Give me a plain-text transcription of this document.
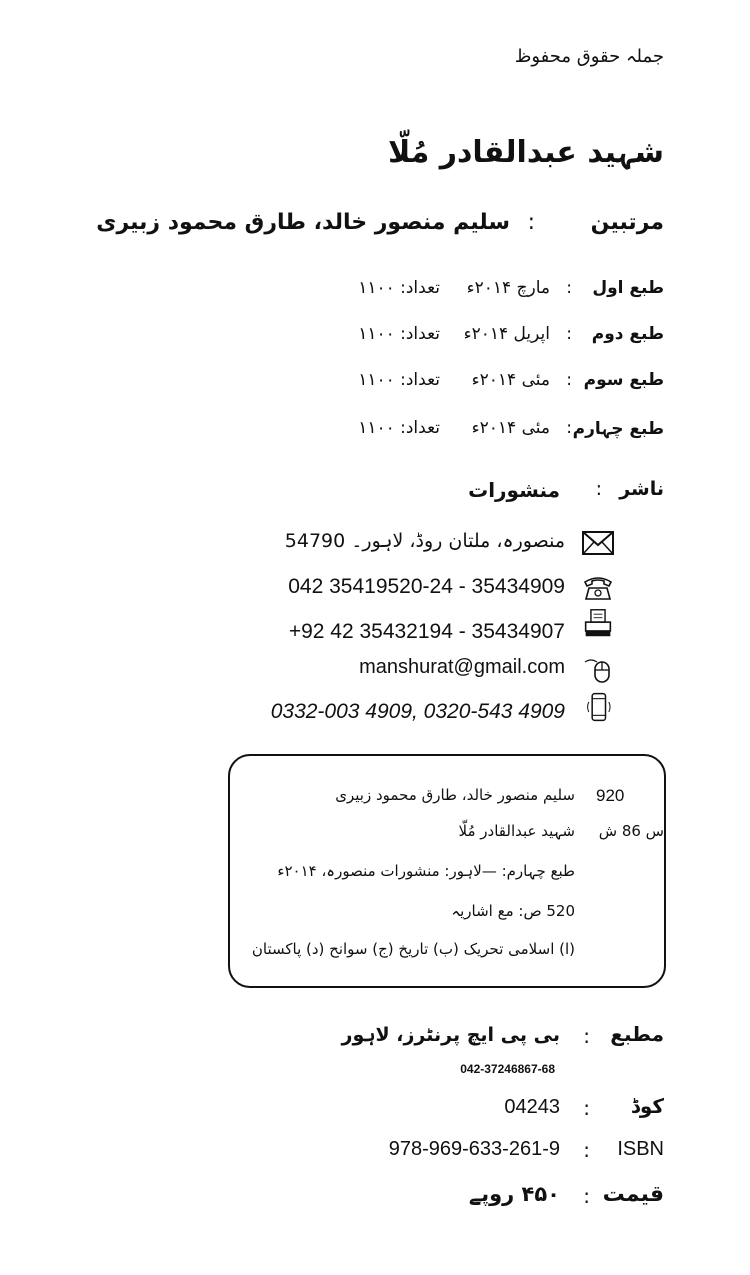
جملہ حقوق محفوظ
شہید عبدالقادر مُلّا
مرتبین
:
سلیم منصور خالد، طارق محمود زبیری
طبع اول
:
مارچ ۲۰۱۴ء
تعداد: ۱۱۰۰
طبع دوم
:
اپریل ۲۰۱۴ء
تعداد: ۱۱۰۰
طبع سوم
:
مئی ۲۰۱۴ء
تعداد: ۱۱۰۰
طبع چہارم
:
مئی ۲۰۱۴ء
تعداد: ۱۱۰۰
ناشر
:
منشورات
منصورہ، ملتان روڈ، لاہور۔ 54790
042 35419520-24 - 35434909
+92 42 35432194 - 35434907
manshurat@gmail.com
0332-003 4909, 0320-543 4909
920
سلیم منصور خالد، طارق محمود زبیری
س 86 ش
شہید عبدالقادر مُلّا
طبع چہارم: —لاہور: منشورات منصورہ، ۲۰۱۴ء
520 ص: مع اشاریہ
(ا) اسلامی تحریک (ب) تاریخ (ج) سوانح (د) پاکستان
مطبع
:
بی پی ایچ پرنٹرز، لاہور
042-37246867-68
کوڈ
:
04243
ISBN
:
978-969-633-261-9
قیمت
:
۴۵۰ روپے
